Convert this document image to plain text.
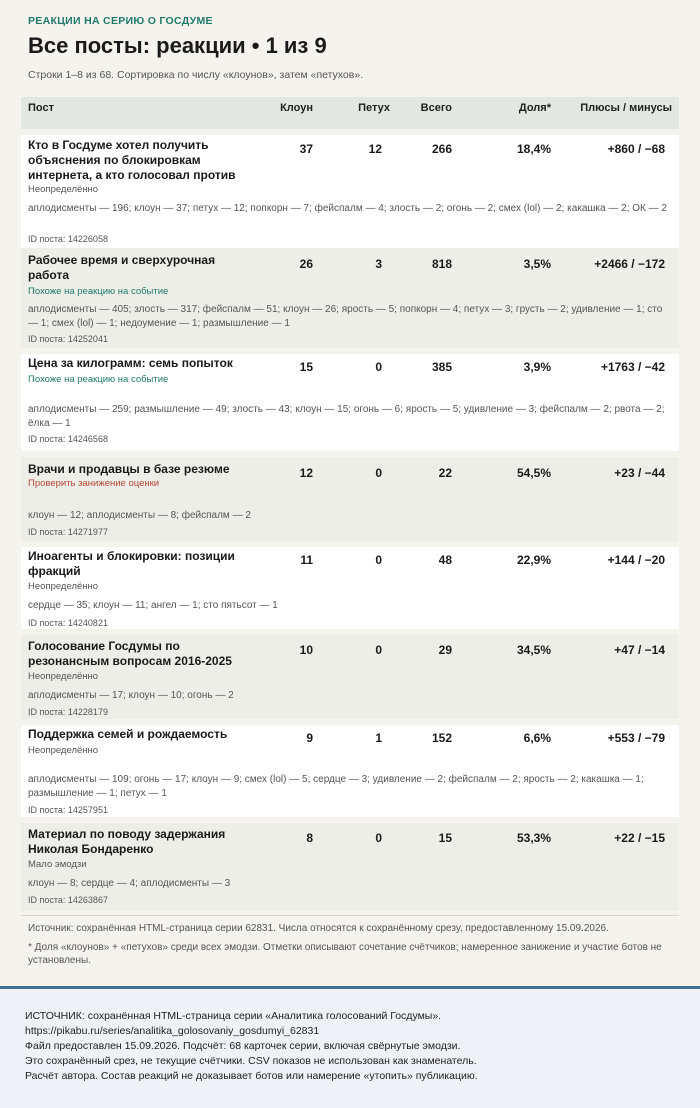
РЕАКЦИИ НА СЕРИЮ О ГОСДУМЕ
Все посты: реакции • 1 из 9
Строки 1–8 из 68. Сортировка по числу «клоунов», затем «петухов».
Пост	Клоун	Петух	Всего	Доля*	Плюсы / минусы
Кто в Госдуме хотел получить объяснения по блокировкам интернета, а кто голосовал против
37	12	266	18,4%	+860 / −68
Неопределённо
аплодисменты — 196; клоун — 37; петух — 12; попкорн — 7; фейспалм — 4; злость — 2; огонь — 2; смех (lol) — 2; какашка — 2; ОК — 2
ID поста: 14226058
Рабочее время и сверхурочная работа
26	3	818	3,5%	+2466 / −172
Похоже на реакцию на событие
аплодисменты — 405; злость — 317; фейспалм — 51; клоун — 26; ярость — 5; попкорн — 4; петух — 3; грусть — 2; удивление — 1; сто — 1; смех (lol) — 1; недоумение — 1; размышление — 1
ID поста: 14252041
Цена за килограмм: семь попыток	15	0	385	3,9%	+1763 / −42
Похоже на реакцию на событие
аплодисменты — 259; размышление — 49; злость — 43; клоун — 15; огонь — 6; ярость — 5; удивление — 3; фейспалм — 2; рвота — 2; ёлка — 1
ID поста: 14246568
Врачи и продавцы в базе резюме	12	0	22	54,5%	+23 / −44
Проверить занижение оценки
клоун — 12; аплодисменты — 8; фейспалм — 2
ID поста: 14271977
Иноагенты и блокировки: позиции фракций
11	0	48	22,9%	+144 / −20
Неопределённо
сердце — 35; клоун — 11; ангел — 1; сто пятьсот — 1
ID поста: 14240821
Голосование Госдумы по резонансным вопросам 2016-2025
10	0	29	34,5%	+47 / −14
Неопределённо
аплодисменты — 17; клоун — 10; огонь — 2
ID поста: 14228179
Поддержка семей и рождаемость	9	1	152	6,6%	+553 / −79
Неопределённо
аплодисменты — 109; огонь — 17; клоун — 9; смех (lol) — 5; сердце — 3; удивление — 2; фейспалм — 2; ярость — 2; какашка — 1; размышление — 1; петух — 1
ID поста: 14257951
Материал по поводу задержания Николая Бондаренко
8	0	15	53,3%	+22 / −15
Мало эмодзи
клоун — 8; сердце — 4; аплодисменты — 3
ID поста: 14263867
Источник: сохранённая HTML-страница серии 62831. Числа относятся к сохранённому срезу, предоставленному 15.09.2026.
* Доля «клоунов» + «петухов» среди всех эмодзи. Отметки описывают сочетание счётчиков; намеренное занижение и участие ботов не установлены.
ИСТОЧНИК: сохранённая HTML-страница серии «Аналитика голосований Госдумы».
https://pikabu.ru/series/analitika_golosovaniy_gosdumyi_62831
Файл предоставлен 15.09.2026. Подсчёт: 68 карточек серии, включая свёрнутые эмодзи.
Это сохранённый срез, не текущие счётчики. CSV показов не использован как знаменатель.
Расчёт автора. Состав реакций не доказывает ботов или намерение «утопить» публикацию.
